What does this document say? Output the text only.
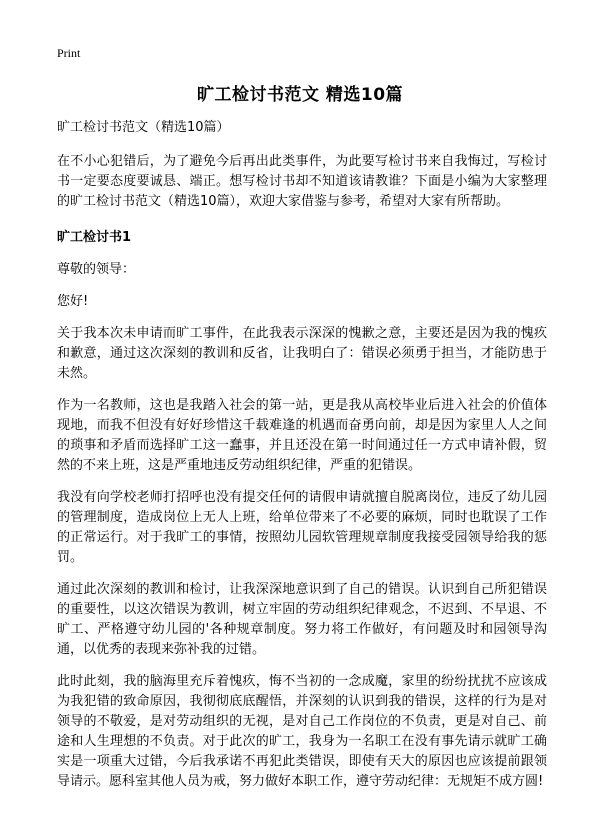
Print
旷工检讨书范文 精选10篇

旷工检讨书范文（精选10篇）

在不小心犯错后，为了避免今后再出此类事件，为此要写检讨书来自我悔过，写检讨书一定要态度要诚恳、端正。想写检讨书却不知道该请教谁？下面是小编为大家整理的旷工检讨书范文（精选10篇），欢迎大家借鉴与参考，希望对大家有所帮助。

旷工检讨书1

尊敬的领导：

您好!

关于我本次未申请而旷工事件，在此我表示深深的愧歉之意，主要还是因为我的愧疚和歉意，通过这次深刻的教训和反省，让我明白了：错误必须勇于担当，才能防患于未然。

作为一名教师，这也是我踏入社会的第一站，更是我从高校毕业后进入社会的价值体现地，而我不但没有好好珍惜这千载难逢的机遇而奋勇向前，却是因为家里人人之间的琐事和矛盾而选择旷工这一蠢事，并且还没在第一时间通过任一方式申请补假，贸然的不来上班，这是严重地违反劳动组织纪律，严重的犯错误。

我没有向学校老师打招呼也没有提交任何的请假申请就擅自脱离岗位，违反了幼儿园的管理制度，造成岗位上无人上班，给单位带来了不必要的麻烦，同时也耽误了工作的正常运行。对于我旷工的事情，按照幼儿园软管理规章制度我接受园领导给我的惩罚。

通过此次深刻的教训和检讨，让我深深地意识到了自己的错误。认识到自己所犯错误的重要性，以这次错误为教训，树立牢固的劳动组织纪律观念，不迟到、不早退、不旷工、严格遵守幼儿园的'各种规章制度。努力将工作做好，有问题及时和园领导沟通，以优秀的表现来弥补我的过错。

此时此刻，我的脑海里充斥着愧疚，悔不当初的一念成魔，家里的纷纷扰扰不应该成为我犯错的致命原因，我彻彻底底醒悟，并深刻的认识到我的错误，这样的行为是对领导的不敬爱，是对劳动组织的无视，是对自己工作岗位的不负责，更是对自己、前途和人生理想的不负责。对于此次的旷工，我身为一名职工在没有事先请示就旷工确实是一项重大过错，今后我承诺不再犯此类错误，即使有天大的原因也应该提前跟领导请示。愿科室其他人员为戒，努力做好本职工作，遵守劳动纪律：无规矩不成方圆!
